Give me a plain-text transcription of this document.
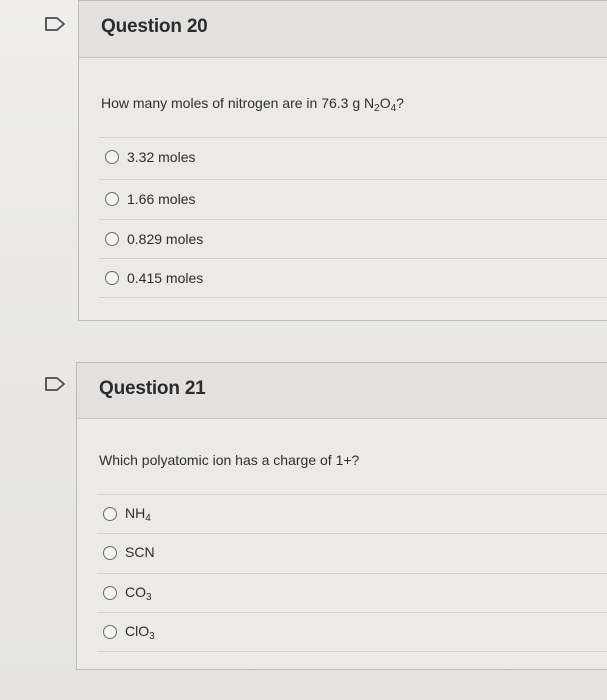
Question 20
How many moles of nitrogen are in 76.3 g $N_2O_4$?
3.32 moles
1.66 moles
0.829 moles
0.415 moles
Question 21
Which polyatomic ion has a charge of 1+?
$NH_4$
SCN
$CO_3$
ClO$_3$
